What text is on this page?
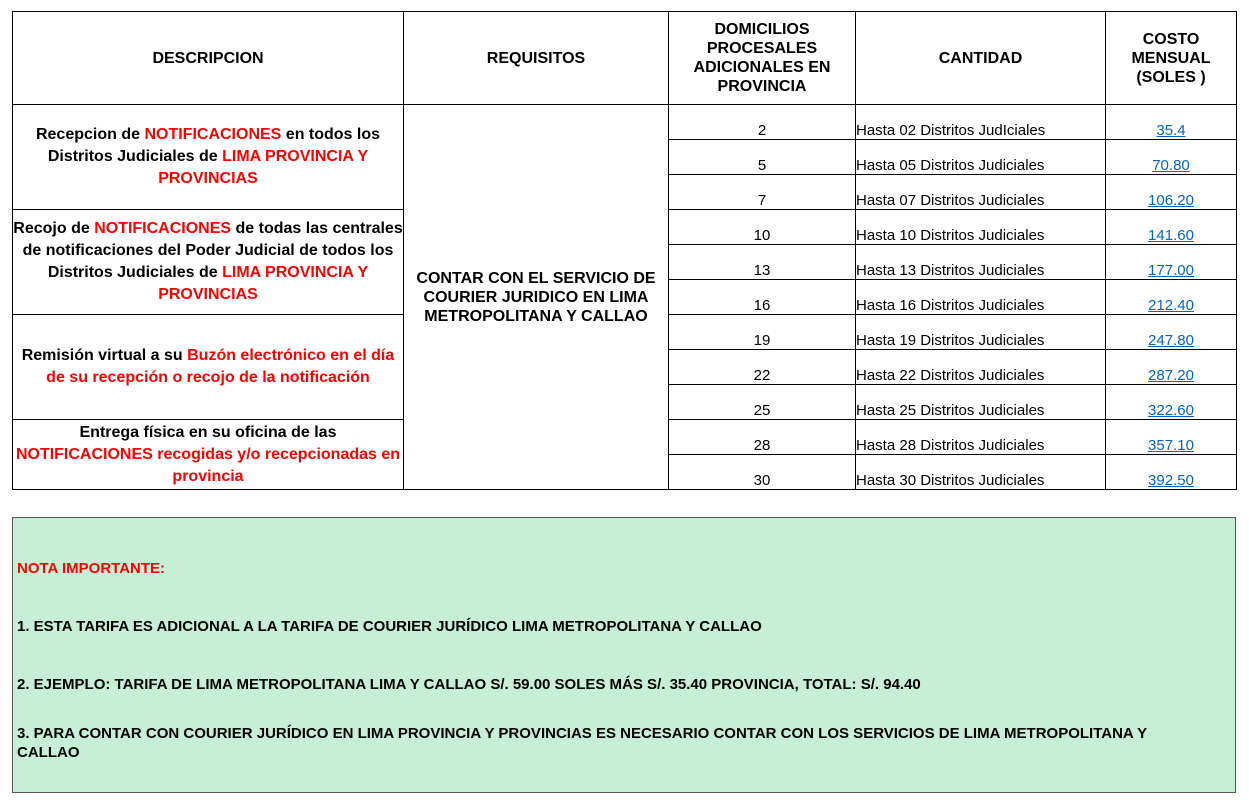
DESCRIPCION	REQUISITOS	DOMICILIOS PROCESALES ADICIONALES EN PROVINCIA	CANTIDAD	COSTO MENSUAL (SOLES )
Recepcion de NOTIFICACIONES en todos los Distritos Judiciales de LIMA PROVINCIA Y PROVINCIAS	CONTAR CON EL SERVICIO DE COURIER JURIDICO EN LIMA METROPOLITANA Y CALLAO	2	Hasta 02 Distritos JudIciales	35.4
		5	Hasta 05 Distritos Judiciales	70.80
		7	Hasta 07 Distritos Judiciales	106.20
Recojo de NOTIFICACIONES de todas las centrales de notificaciones del Poder Judicial de todos los Distritos Judiciales de LIMA PROVINCIA Y PROVINCIAS		10	Hasta 10 Distritos Judiciales	141.60
		13	Hasta 13 Distritos Judiciales	177.00
		16	Hasta 16 Distritos Judiciales	212.40
Remisión virtual a su Buzón electrónico en el día de su recepción o recojo de la notificación		19	Hasta 19 Distritos Judiciales	247.80
		22	Hasta 22 Distritos Judiciales	287.20
		25	Hasta 25 Distritos Judiciales	322.60
Entrega física en su oficina de las NOTIFICACIONES recogidas y/o recepcionadas en provincia		28	Hasta 28 Distritos Judiciales	357.10
		30	Hasta 30 Distritos Judiciales	392.50

NOTA IMPORTANTE:

1. ESTA TARIFA ES ADICIONAL A LA TARIFA DE COURIER JURÍDICO LIMA METROPOLITANA Y CALLAO

2. EJEMPLO: TARIFA DE LIMA METROPOLITANA LIMA Y CALLAO S/. 59.00 SOLES MÁS S/. 35.40 PROVINCIA, TOTAL: S/. 94.40

3. PARA CONTAR CON COURIER JURÍDICO EN LIMA PROVINCIA Y PROVINCIAS ES NECESARIO CONTAR CON LOS SERVICIOS DE LIMA METROPOLITANA Y CALLAO
